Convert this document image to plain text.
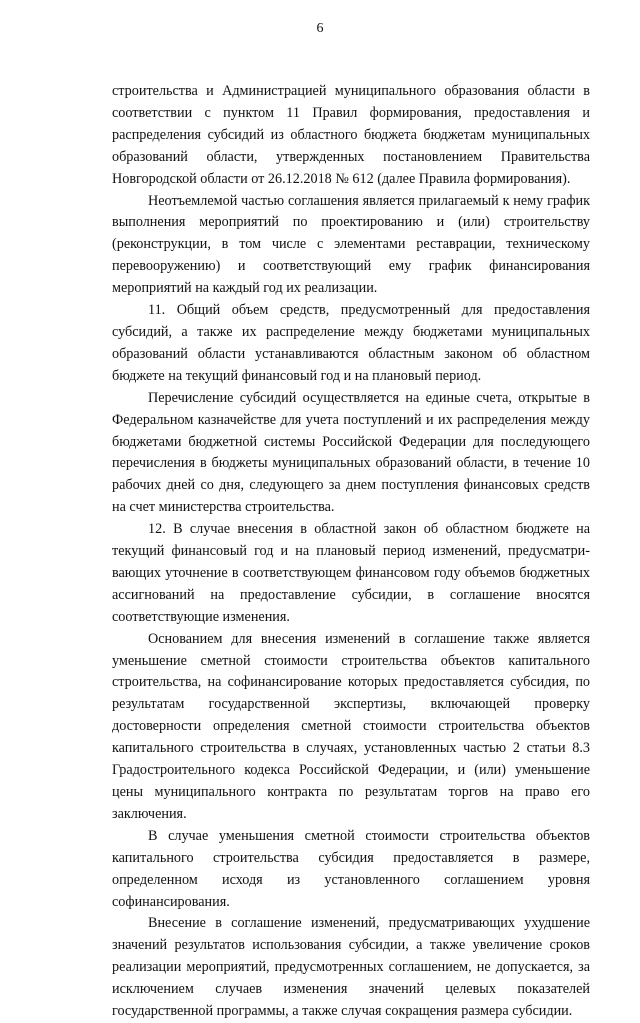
6

строительства и Администрацией муниципального образования области в соответствии с пунктом 11 Правил формирования, предоставления и распределения субсидий из областного бюджета бюджетам муниципальных образований области, утвержденных постановлением Правительства Новгородской области от 26.12.2018 № 612 (далее Правила формирования).

Неотъемлемой частью соглашения является прилагаемый к нему график выполнения мероприятий по проектированию и (или) строительству (реконструкции, в том числе с элементами реставрации, техническому перевооружению) и соответствующий ему график финансирования мероприятий на каждый год их реализации.

11. Общий объем средств, предусмотренный для предоставления субсидий, а также их распределение между бюджетами муниципальных образований области устанавливаются областным законом об областном бюджете на текущий финансовый год и на плановый период.

Перечисление субсидий осуществляется на единые счета, открытые в Федеральном казначействе для учета поступлений и их распределения между бюджетами бюджетной системы Российской Федерации для последующего перечисления в бюджеты муниципальных образований области, в течение 10 рабочих дней со дня, следующего за днем поступления финансовых средств на счет министерства строительства.

12. В случае внесения в областной закон об областном бюджете на текущий финансовый год и на плановый период изменений, предусматривающих уточнение в соответствующем финансовом году объемов бюджетных ассигнований на предоставление субсидии, в соглашение вносятся соответствующие изменения.

Основанием для внесения изменений в соглашение также является уменьшение сметной стоимости строительства объектов капитального строительства, на софинансирование которых предоставляется субсидия, по результатам государственной экспертизы, включающей проверку достоверности определения сметной стоимости строительства объектов капитального строительства в случаях, установленных частью 2 статьи 8.3 Градостроительного кодекса Российской Федерации, и (или) уменьшение цены муниципального контракта по результатам торгов на право его заключения.

В случае уменьшения сметной стоимости строительства объектов капитального строительства субсидия предоставляется в размере, определенном исходя из установленного соглашением уровня софинансирования.

Внесение в соглашение изменений, предусматривающих ухудшение значений результатов использования субсидии, а также увеличение сроков реализации мероприятий, предусмотренных соглашением, не допускается, за исключением случаев изменения значений целевых показателей государственной программы, а также случая сокращения размера субсидии.
